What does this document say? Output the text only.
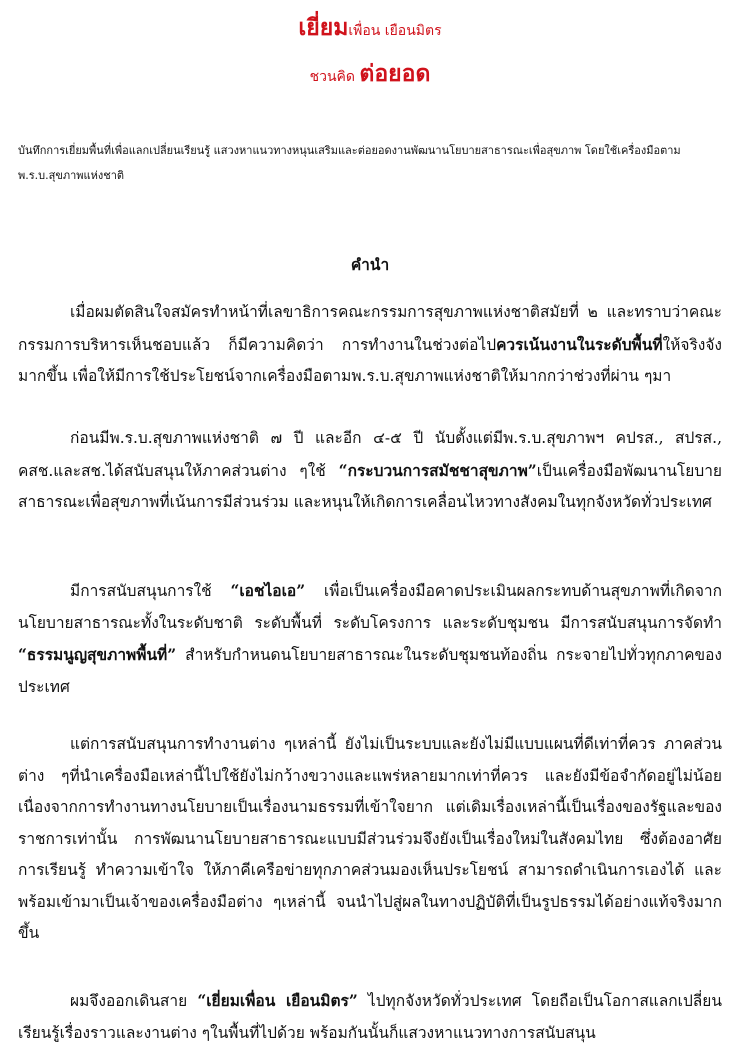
เยี่ยมเพื่อน เยือนมิตร
ชวนคิด ต่อยอด
บันทึกการเยี่ยมพื้นที่เพื่อแลกเปลี่ยนเรียนรู้ แสวงหาแนวทางหนุนเสริมและต่อยอดงานพัฒนานโยบายสาธารณะเพื่อสุขภาพ โดยใช้เครื่องมือตาม พ.ร.บ.สุขภาพแห่งชาติ
คำนำ

เมื่อผมตัดสินใจสมัครทำหน้าที่เลขาธิการคณะกรรมการสุขภาพแห่งชาติสมัยที่ ๒ และทราบว่าคณะกรรมการบริหารเห็นชอบแล้ว ก็มีความคิดว่า การทำงานในช่วงต่อไปควรเน้นงานในระดับพื้นที่ให้จริงจังมากขึ้น เพื่อให้มีการใช้ประโยชน์จากเครื่องมือตามพ.ร.บ.สุขภาพแห่งชาติให้มากกว่าช่วงที่ผ่าน ๆมา

ก่อนมีพ.ร.บ.สุขภาพแห่งชาติ ๗ ปี และอีก ๔-๕ ปี นับตั้งแต่มีพ.ร.บ.สุขภาพฯ คปรส., สปรส., คสช.และสช.ได้สนับสนุนให้ภาคส่วนต่าง ๆใช้ “กระบวนการสมัชชาสุขภาพ”เป็นเครื่องมือพัฒนานโยบายสาธารณะเพื่อสุขภาพที่เน้นการมีส่วนร่วม และหนุนให้เกิดการเคลื่อนไหวทางสังคมในทุกจังหวัดทั่วประเทศ

มีการสนับสนุนการใช้ “เอชไอเอ” เพื่อเป็นเครื่องมือคาดประเมินผลกระทบด้านสุขภาพที่เกิดจากนโยบายสาธารณะทั้งในระดับชาติ ระดับพื้นที่ ระดับโครงการ และระดับชุมชน มีการสนับสนุนการจัดทำ “ธรรมนูญสุขภาพพื้นที่” สำหรับกำหนดนโยบายสาธารณะในระดับชุมชนท้องถิ่น กระจายไปทั่วทุกภาคของประเทศ

แต่การสนับสนุนการทำงานต่าง ๆเหล่านี้ ยังไม่เป็นระบบและยังไม่มีแบบแผนที่ดีเท่าที่ควร ภาคส่วนต่าง ๆที่นำเครื่องมือเหล่านี้ไปใช้ยังไม่กว้างขวางและแพร่หลายมากเท่าที่ควร และยังมีข้อจำกัดอยู่ไม่น้อย เนื่องจากการทำงานทางนโยบายเป็นเรื่องนามธรรมที่เข้าใจยาก แต่เดิมเรื่องเหล่านี้เป็นเรื่องของรัฐและของราชการเท่านั้น การพัฒนานโยบายสาธารณะแบบมีส่วนร่วมจึงยังเป็นเรื่องใหม่ในสังคมไทย ซึ่งต้องอาศัยการเรียนรู้ ทำความเข้าใจ ให้ภาคีเครือข่ายทุกภาคส่วนมองเห็นประโยชน์ สามารถดำเนินการเองได้ และพร้อมเข้ามาเป็นเจ้าของเครื่องมือต่าง ๆเหล่านี้ จนนำไปสู่ผลในทางปฏิบัติที่เป็นรูปธรรมได้อย่างแท้จริงมากขึ้น

ผมจึงออกเดินสาย “เยี่ยมเพื่อน เยือนมิตร” ไปทุกจังหวัดทั่วประเทศ โดยถือเป็นโอกาสแลกเปลี่ยนเรียนรู้เรื่องราวและงานต่าง ๆในพื้นที่ไปด้วย พร้อมกันนั้นก็แสวงหาแนวทางการสนับสนุน
